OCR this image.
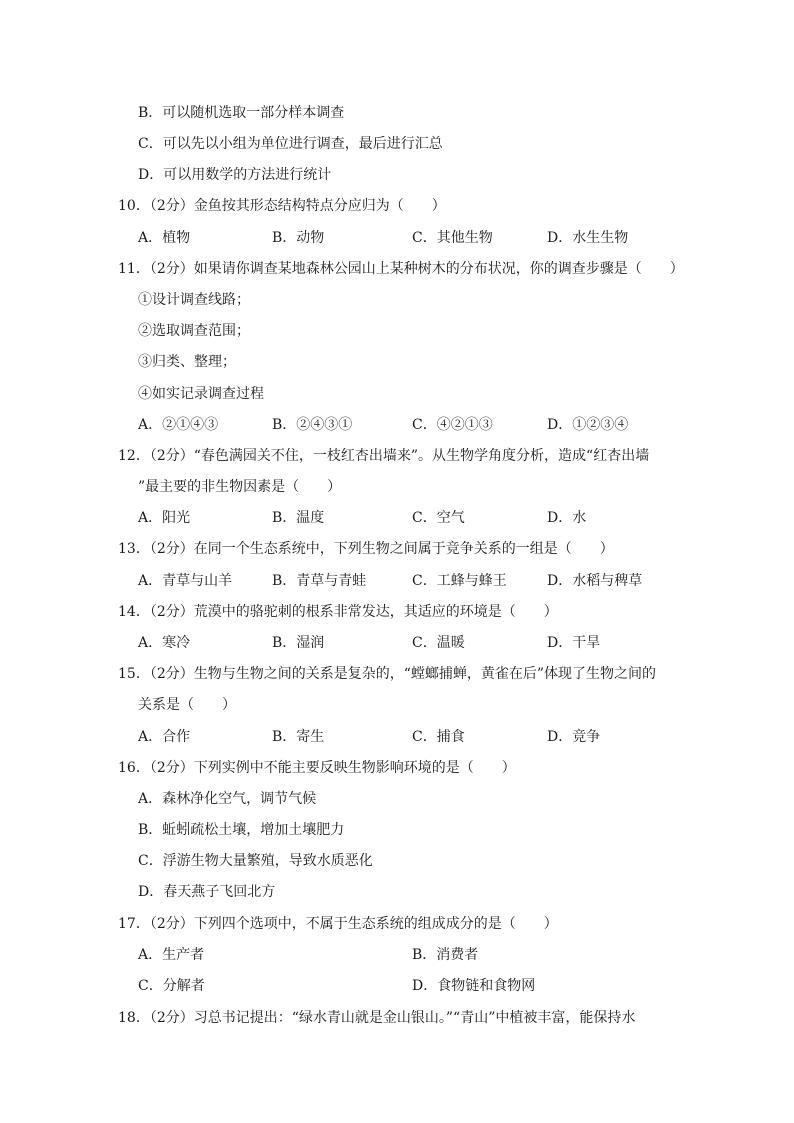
B．可以随机选取一部分样本调查
C．可以先以小组为单位进行调查，最后进行汇总
D．可以用数学的方法进行统计
10．（2分）金鱼按其形态结构特点分应归为（　　）
A．植物	B．动物	C．其他生物	D．水生生物
11．（2分）如果请你调查某地森林公园山上某种树木的分布状况，你的调查步骤是（　　）
①设计调查线路；
②选取调查范围；
③归类、整理；
④如实记录调查过程
A．②①④③	B．②④③①	C．④②①③	D．①②③④
12．（2分）“春色满园关不住，一枝红杏出墙来”。从生物学角度分析，造成“红杏出墙
”最主要的非生物因素是（　　）
A．阳光	B．温度	C．空气	D．水
13．（2分）在同一个生态系统中，下列生物之间属于竞争关系的一组是（　　）
A．青草与山羊	B．青草与青蛙	C．工蜂与蜂王	D．水稻与稗草
14．（2分）荒漠中的骆驼刺的根系非常发达，其适应的环境是（　　）
A．寒冷	B．湿润	C．温暖	D．干旱
15．（2分）生物与生物之间的关系是复杂的，“螳螂捕蝉，黄雀在后”体现了生物之间的
关系是（　　）
A．合作	B．寄生	C．捕食	D．竞争
16．（2分）下列实例中不能主要反映生物影响环境的是（　　）
A．森林净化空气，调节气候
B．蚯蚓疏松土壤，增加土壤肥力
C．浮游生物大量繁殖，导致水质恶化
D．春天燕子飞回北方
17．（2分）下列四个选项中，不属于生态系统的组成成分的是（　　）
A．生产者	B．消费者
C．分解者	D．食物链和食物网
18．（2分）习总书记提出：“绿水青山就是金山银山。”“青山”中植被丰富，能保持水
